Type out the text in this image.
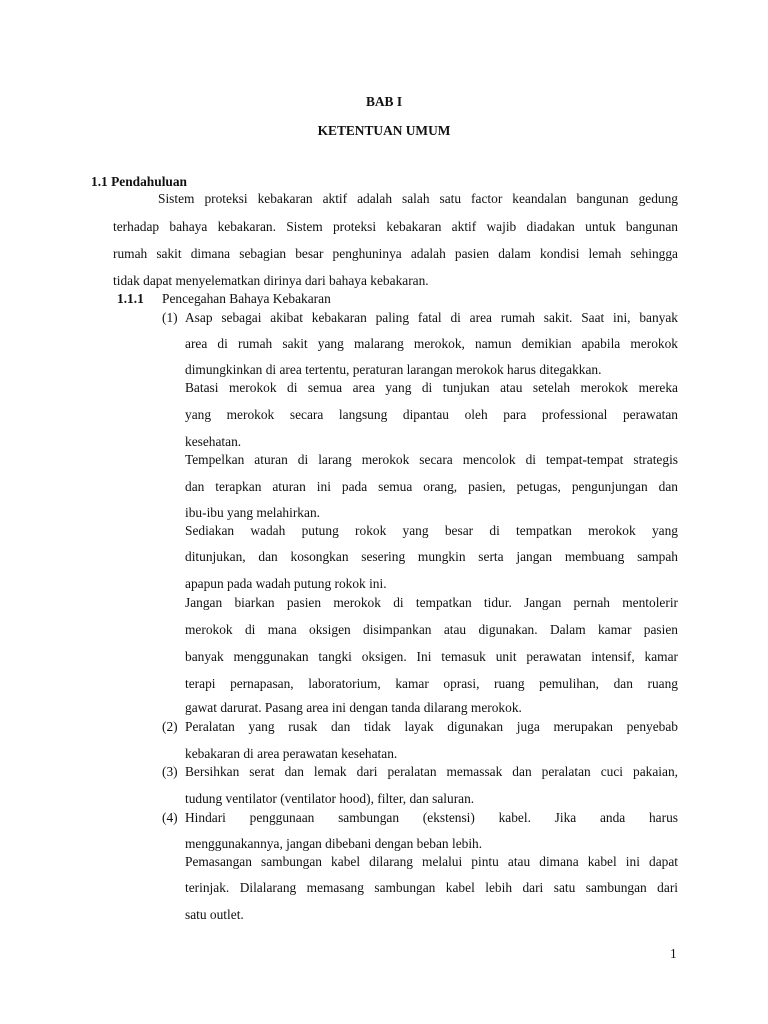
BAB I
KETENTUAN UMUM
1.1 Pendahuluan
Sistem proteksi kebakaran aktif adalah salah satu factor keandalan bangunan gedung
terhadap bahaya kebakaran. Sistem proteksi kebakaran aktif wajib diadakan untuk bangunan
rumah sakit dimana sebagian besar penghuninya adalah pasien dalam kondisi lemah sehingga
tidak dapat menyelematkan dirinya dari bahaya kebakaran.
1.1.1 Pencegahan Bahaya Kebakaran
(1) Asap sebagai akibat kebakaran paling fatal di area rumah sakit. Saat ini, banyak
area di rumah sakit yang malarang merokok, namun demikian apabila merokok
dimungkinkan di area tertentu, peraturan larangan merokok harus ditegakkan.
Batasi merokok di semua area yang di tunjukan atau setelah merokok mereka
yang merokok secara langsung dipantau oleh para professional perawatan
kesehatan.
Tempelkan aturan di larang merokok secara mencolok di tempat-tempat strategis
dan terapkan aturan ini pada semua orang, pasien, petugas, pengunjungan dan
ibu-ibu yang melahirkan.
Sediakan wadah putung rokok yang besar di tempatkan merokok yang
ditunjukan, dan kosongkan sesering mungkin serta jangan membuang sampah
apapun pada wadah putung rokok ini.
Jangan biarkan pasien merokok di tempatkan tidur. Jangan pernah mentolerir
merokok di mana oksigen disimpankan atau digunakan. Dalam kamar pasien
banyak menggunakan tangki oksigen. Ini temasuk unit perawatan intensif, kamar
terapi pernapasan, laboratorium, kamar oprasi, ruang pemulihan, dan ruang
gawat darurat. Pasang area ini dengan tanda dilarang merokok.
(2) Peralatan yang rusak dan tidak layak digunakan juga merupakan penyebab
kebakaran di area perawatan kesehatan.
(3) Bersihkan serat dan lemak dari peralatan memassak dan peralatan cuci pakaian,
tudung ventilator (ventilator hood), filter, dan saluran.
(4) Hindari penggunaan sambungan (ekstensi) kabel. Jika anda harus
menggunakannya, jangan dibebani dengan beban lebih.
Pemasangan sambungan kabel dilarang melalui pintu atau dimana kabel ini dapat
terinjak. Dilalarang memasang sambungan kabel lebih dari satu sambungan dari
satu outlet.
1
